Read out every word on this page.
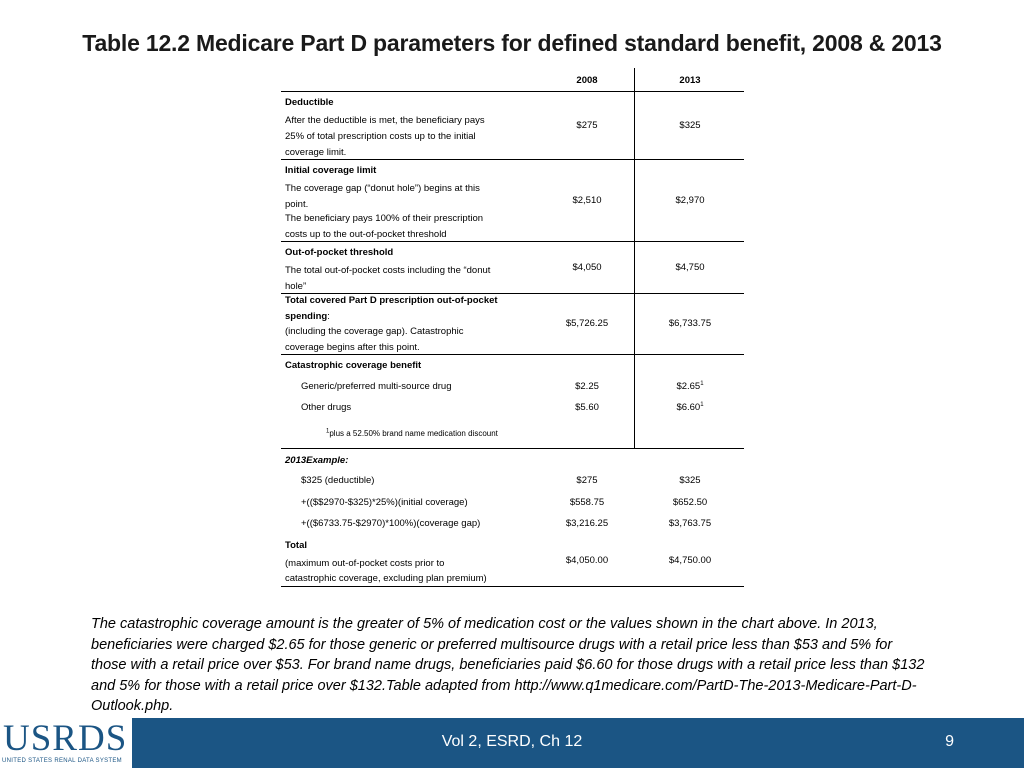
Table 12.2 Medicare Part D parameters for defined standard benefit, 2008 & 2013
2008	2013
Deductible
After the deductible is met, the beneficiary pays
25% of total prescription costs up to the initial
coverage limit.
$275	$325
Initial coverage limit
The coverage gap (“donut hole”) begins at this
point.
The beneficiary pays 100% of their prescription
costs up to the out-of-pocket threshold
$2,510	$2,970
Out-of-pocket threshold
The total out-of-pocket costs including the “donut
hole”
$4,050	$4,750
Total covered Part D prescription out-of-pocket
spending:
(including the coverage gap). Catastrophic
coverage begins after this point.
$5,726.25	$6,733.75
Catastrophic coverage benefit
Generic/preferred multi-source drug	$2.25	$2.65$^1$
Other drugs	$5.60	$6.60$^1$
$^1$plus a 52.50% brand name medication discount
2013Example:
$325 (deductible)	$275	$325
+(($$2970-$325)*25%)(initial coverage)	$558.75	$652.50
+(($6733.75-$2970)*100%)(coverage gap)	$3,216.25	$3,763.75
Total
(maximum out-of-pocket costs prior to
catastrophic coverage, excluding plan premium)
$4,050.00	$4,750.00
The catastrophic coverage amount is the greater of 5% of medication cost or the values shown in the chart above. In 2013, beneficiaries were charged $2.65 for those generic or preferred multisource drugs with a retail price less than $53 and 5% for those with a retail price over $53. For brand name drugs, beneficiaries paid $6.60 for those drugs with a retail price less than $132 and 5% for those with a retail price over $132.Table adapted from http://www.q1medicare.com/PartD-The-2013-Medicare-Part-D-Outlook.php.
USRDS
UNITED STATES RENAL DATA SYSTEM
Vol 2, ESRD, Ch 12	9
